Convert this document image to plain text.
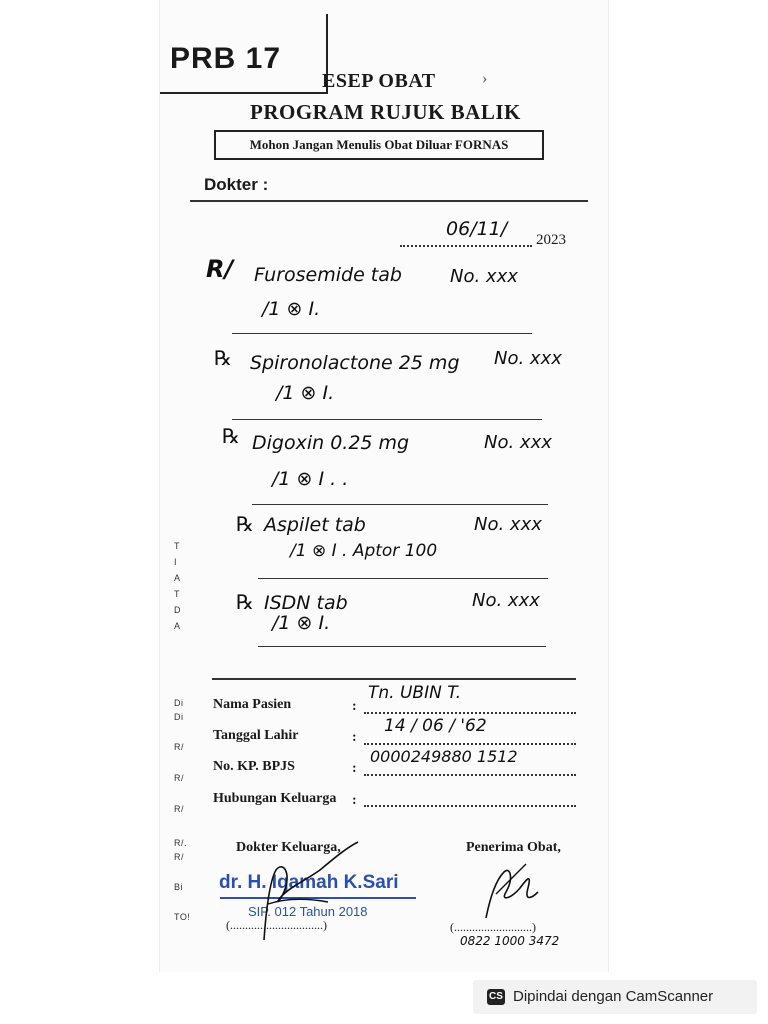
PRB 17
ESEP OBAT	›
PROGRAM RUJUK BALIK
Mohon Jangan Menulis Obat Diluar FORNAS
Dokter :
06/11/ 2023
R/ Furosemide tab	No. xxx
/1 ⊗ I.
℞ Spironolactone 25 mg No. xxx
/1 ⊗ I.
℞ Digoxin 0.25 mg	No. xxx
/1 ⊗ I . .
℞ Aspilet tab	No. xxx
/1 ⊗ I . Aptor 100
℞ ISDN tab	No. xxx
/1 ⊗ I.
T
I
A
T
D
A
Di
Di
R/
R/
R/
R/.
R/
Bi
TO!
Nama Pasien	:
Tn. UBIN T.
Tanggal Lahir	:
14 / 06 / '62
No. KP. BPJS	:
0000249880 1512
Hubungan Keluarga :
Dokter Keluarga,	Penerima Obat,
dr. H. Iqamah K.Sari
SIP. 012 Tahun 2018
(...............................)	(..........................)
0822 1000 3472
CS Dipindai dengan CamScanner
